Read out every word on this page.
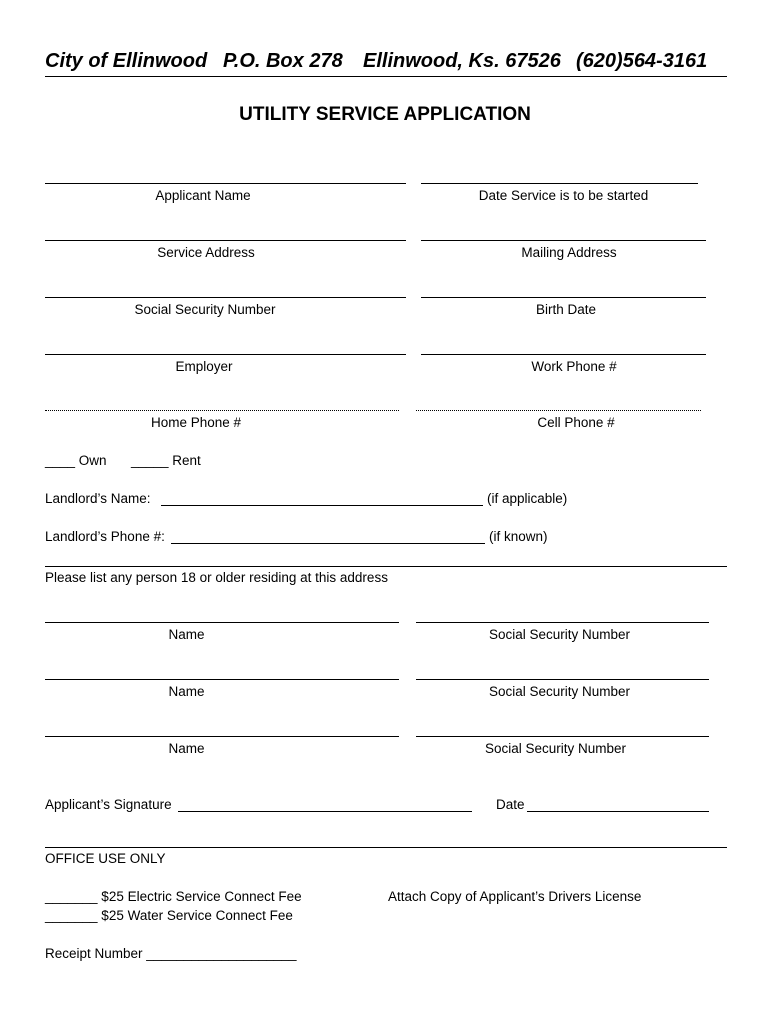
City of Ellinwood P.O. Box 278 Ellinwood, Ks. 67526 (620)564-3161
UTILITY SERVICE APPLICATION
Applicant Name	Date Service is to be started
Service Address	Mailing Address
Social Security Number	Birth Date
Employer	Work Phone #
Home Phone #	Cell Phone #
____ Own _____ Rent
Landlord’s Name:	(if applicable)
Landlord’s Phone #:	(if known)
Please list any person 18 or older residing at this address
Name	Social Security Number
Name	Social Security Number
Name	Social Security Number
Applicant’s Signature	Date
OFFICE USE ONLY
_______ $25 Electric Service Connect Fee
_______ $25 Water Service Connect Fee
Attach Copy of Applicant’s Drivers License
Receipt Number ____________________
